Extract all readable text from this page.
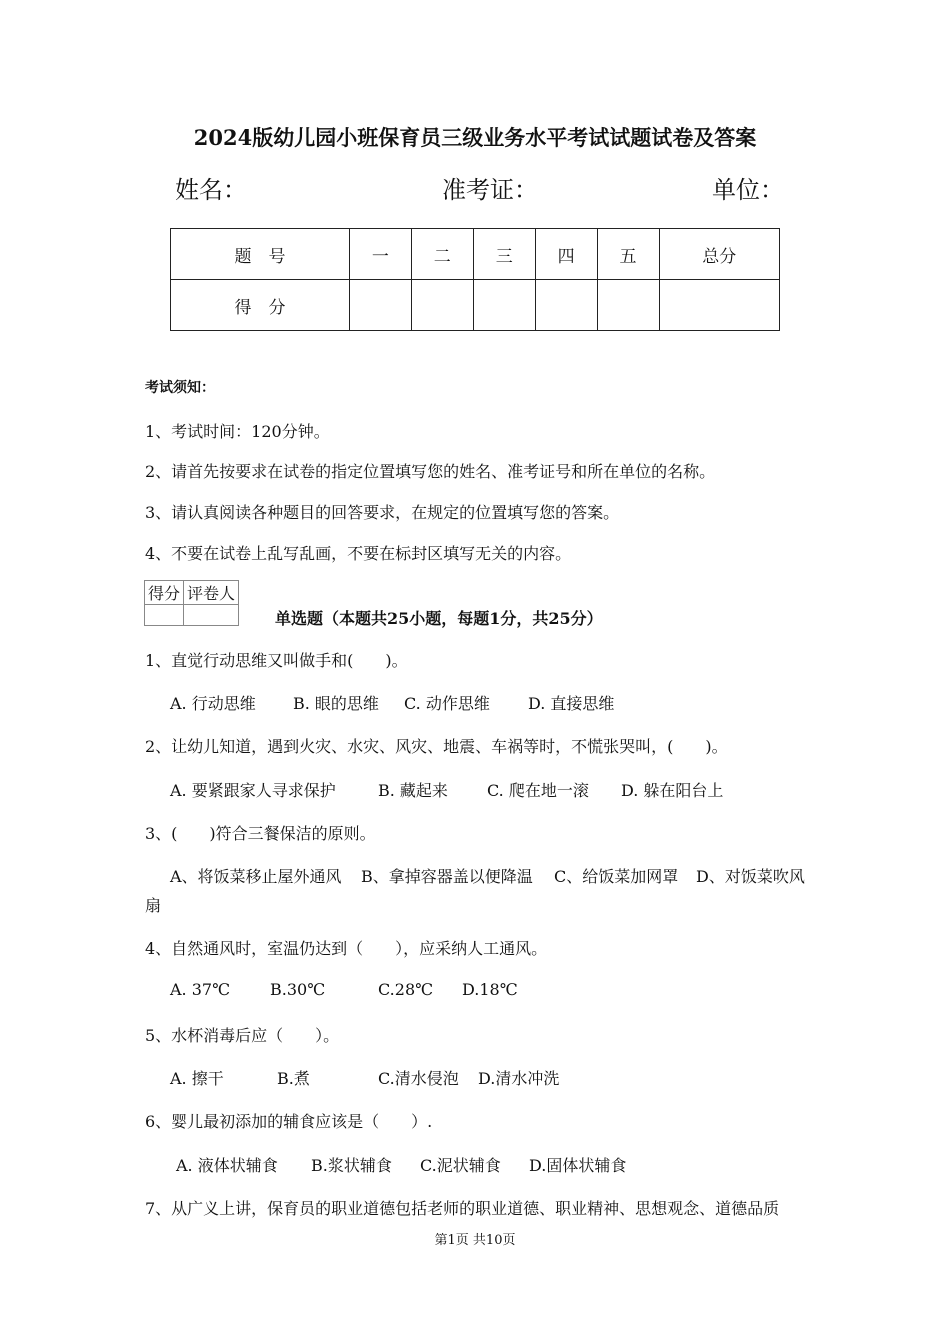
2024版幼儿园小班保育员三级业务水平考试试题试卷及答案
姓名：	准考证：	单位：
题　号	一	二	三	四	五	总分
得　分						
考试须知：
1、考试时间：120分钟。
2、请首先按要求在试卷的指定位置填写您的姓名、准考证号和所在单位的名称。
3、请认真阅读各种题目的回答要求，在规定的位置填写您的答案。
4、不要在试卷上乱写乱画，不要在标封区填写无关的内容。
得分	评卷人

单选题（本题共25小题，每题1分，共25分）
1、直觉行动思维又叫做手和(　　)。
A. 行动思维 B. 眼的思维 C. 动作思维 D. 直接思维
2、让幼儿知道，遇到火灾、水灾、风灾、地震、车祸等时，不慌张哭叫，(　　)。
A. 要紧跟家人寻求保护	B. 藏起来 C. 爬在地一滚 D. 躲在阳台上
3、(　　)符合三餐保洁的原则。
A、将饭菜移止屋外通风 B、拿掉容器盖以便降温 C、给饭菜加网罩 D、对饭菜吹风
扇
4、自然通风时，室温仍达到（　　），应采纳人工通风。
A. 37℃	B.30℃	C.28℃ D.18℃
5、水杯消毒后应（　　）。
A. 擦干	B.煮	C.清水侵泡 D.清水冲洗
6、婴儿最初添加的辅食应该是（　　）.
A. 液体状辅食 B.浆状辅食 C.泥状辅食 D.固体状辅食
7、从广义上讲，保育员的职业道德包括老师的职业道德、职业精神、思想观念、道德品质
第1页 共10页
